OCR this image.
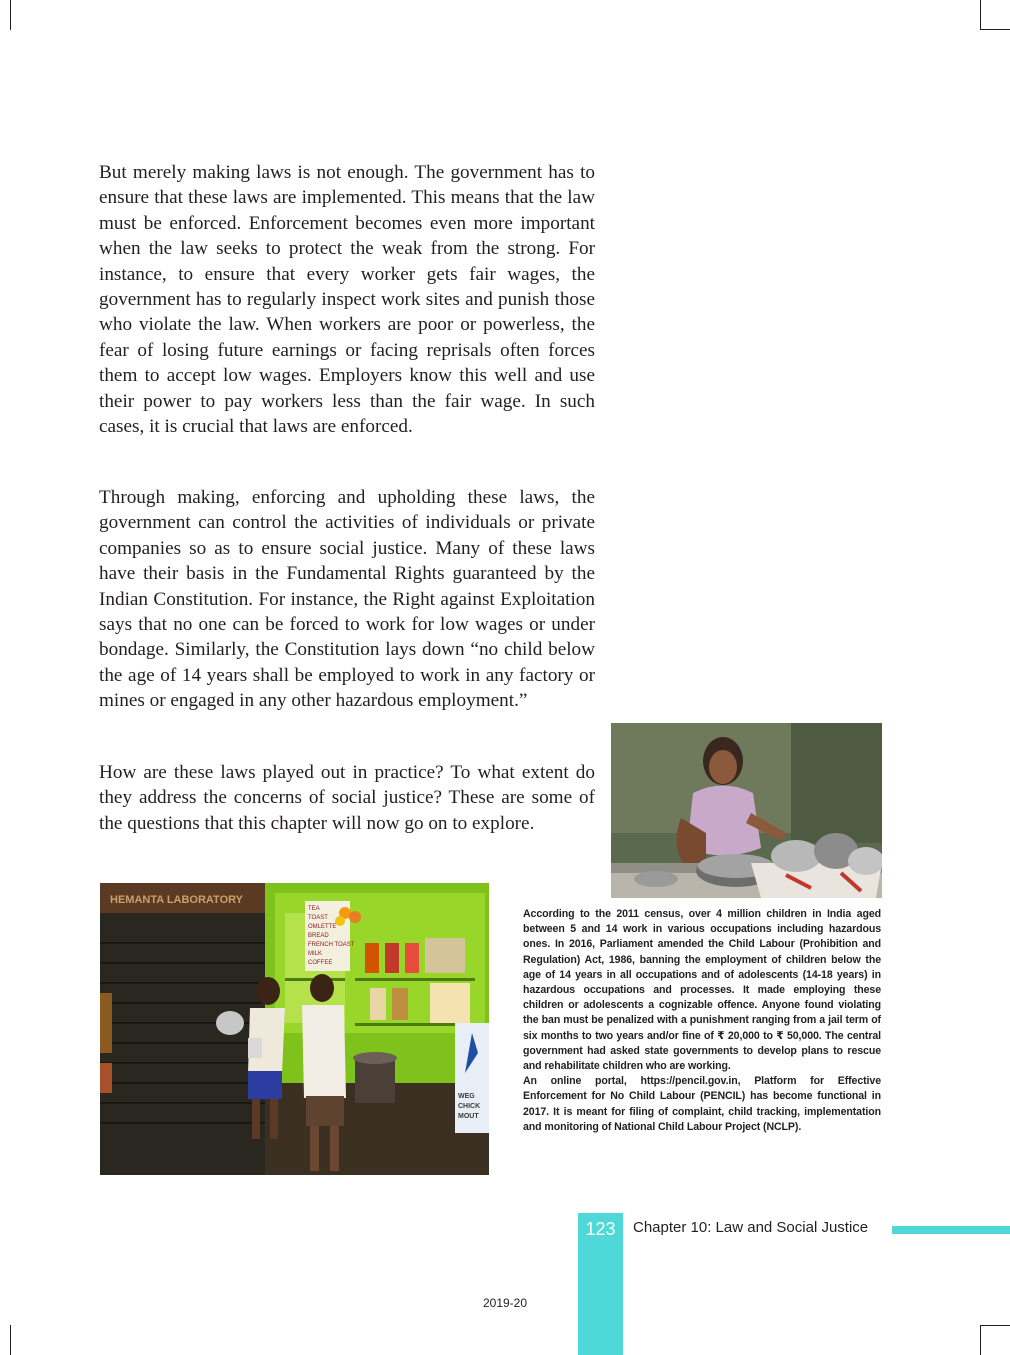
But merely making laws is not enough. The government has to ensure that these laws are implemented. This means that the law must be enforced. Enforcement becomes even more important when the law seeks to protect the weak from the strong. For instance, to ensure that every worker gets fair wages, the government has to regularly inspect work sites and punish those who violate the law. When workers are poor or powerless, the fear of losing future earnings or facing reprisals often forces them to accept low wages. Employers know this well and use their power to pay workers less than the fair wage. In such cases, it is crucial that laws are enforced.

Through making, enforcing and upholding these laws, the government can control the activities of individuals or private companies so as to ensure social justice. Many of these laws have their basis in the Fundamental Rights guaranteed by the Indian Constitution. For instance, the Right against Exploitation says that no one can be forced to work for low wages or under bondage. Similarly, the Constitution lays down “no child below the age of 14 years shall be employed to work in any factory or mines or engaged in any other hazardous employment.”

How are these laws played out in practice? To what extent do they address the concerns of social justice? These are some of the questions that this chapter will now go on to explore.

HEMANTA LABORATORY
TEA
TOAST
OMLETTE
BREAD
FRENCH TOAST
MILK
COFFEE
WEG
CHICK
MOUT

According to the 2011 census, over 4 million children in India aged between 5 and 14 work in various occupations including hazardous ones. In 2016, Parliament amended the Child Labour (Prohibition and Regulation) Act, 1986, banning the employment of children below the age of 14 years in all occupations and of adolescents (14-18 years) in hazardous occupations and processes. It made employing these children or adolescents a cognizable offence. Anyone found violating the ban must be penalized with a punishment ranging from a jail term of six months to two years and/or fine of ₹ 20,000 to ₹ 50,000. The central government had asked state governments to develop plans to rescue and rehabilitate children who are working.

An online portal, https://pencil.gov.in, Platform for Effective Enforcement for No Child Labour (PENCIL) has become functional in 2017. It is meant for filing of complaint, child tracking, implementation and monitoring of National Child Labour Project (NCLP).

123	Chapter 10: Law and Social Justice
2019-20
